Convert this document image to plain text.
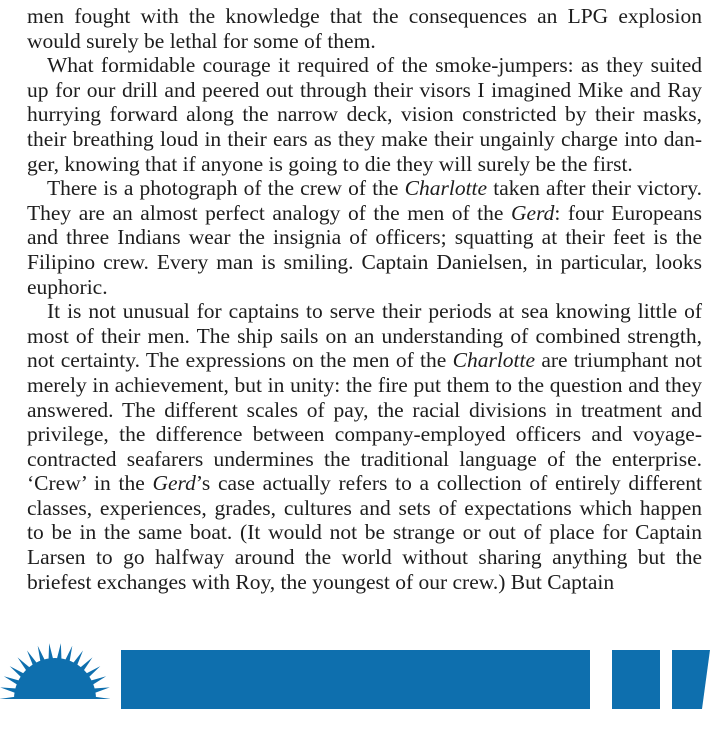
men fought with the knowledge that the consequences an LPG explosion would surely be lethal for some of them.

What formidable courage it required of the smoke-jumpers: as they suited up for our drill and peered out through their visors I imagined Mike and Ray hurrying forward along the narrow deck, vision constricted by their masks, their breathing loud in their ears as they make their ungainly charge into danger, knowing that if anyone is going to die they will surely be the first.

There is a photograph of the crew of the Charlotte taken after their victory. They are an almost perfect analogy of the men of the Gerd: four Europeans and three Indians wear the insignia of officers; squatting at their feet is the Filipino crew. Every man is smiling. Captain Danielsen, in particular, looks euphoric.

It is not unusual for captains to serve their periods at sea knowing little of most of their men. The ship sails on an understanding of combined strength, not certainty. The expressions on the men of the Charlotte are triumphant not merely in achievement, but in unity: the fire put them to the question and they answered. The different scales of pay, the racial divisions in treatment and privilege, the difference between company-employed officers and voyage-contracted seafarers undermines the traditional language of the enterprise. ‘Crew’ in the Gerd’s case actually refers to a collection of entirely different classes, experiences, grades, cultures and sets of expectations which happen to be in the same boat. (It would not be strange or out of place for Captain Larsen to go halfway around the world without sharing anything but the briefest exchanges with Roy, the youngest of our crew.) But Captain
